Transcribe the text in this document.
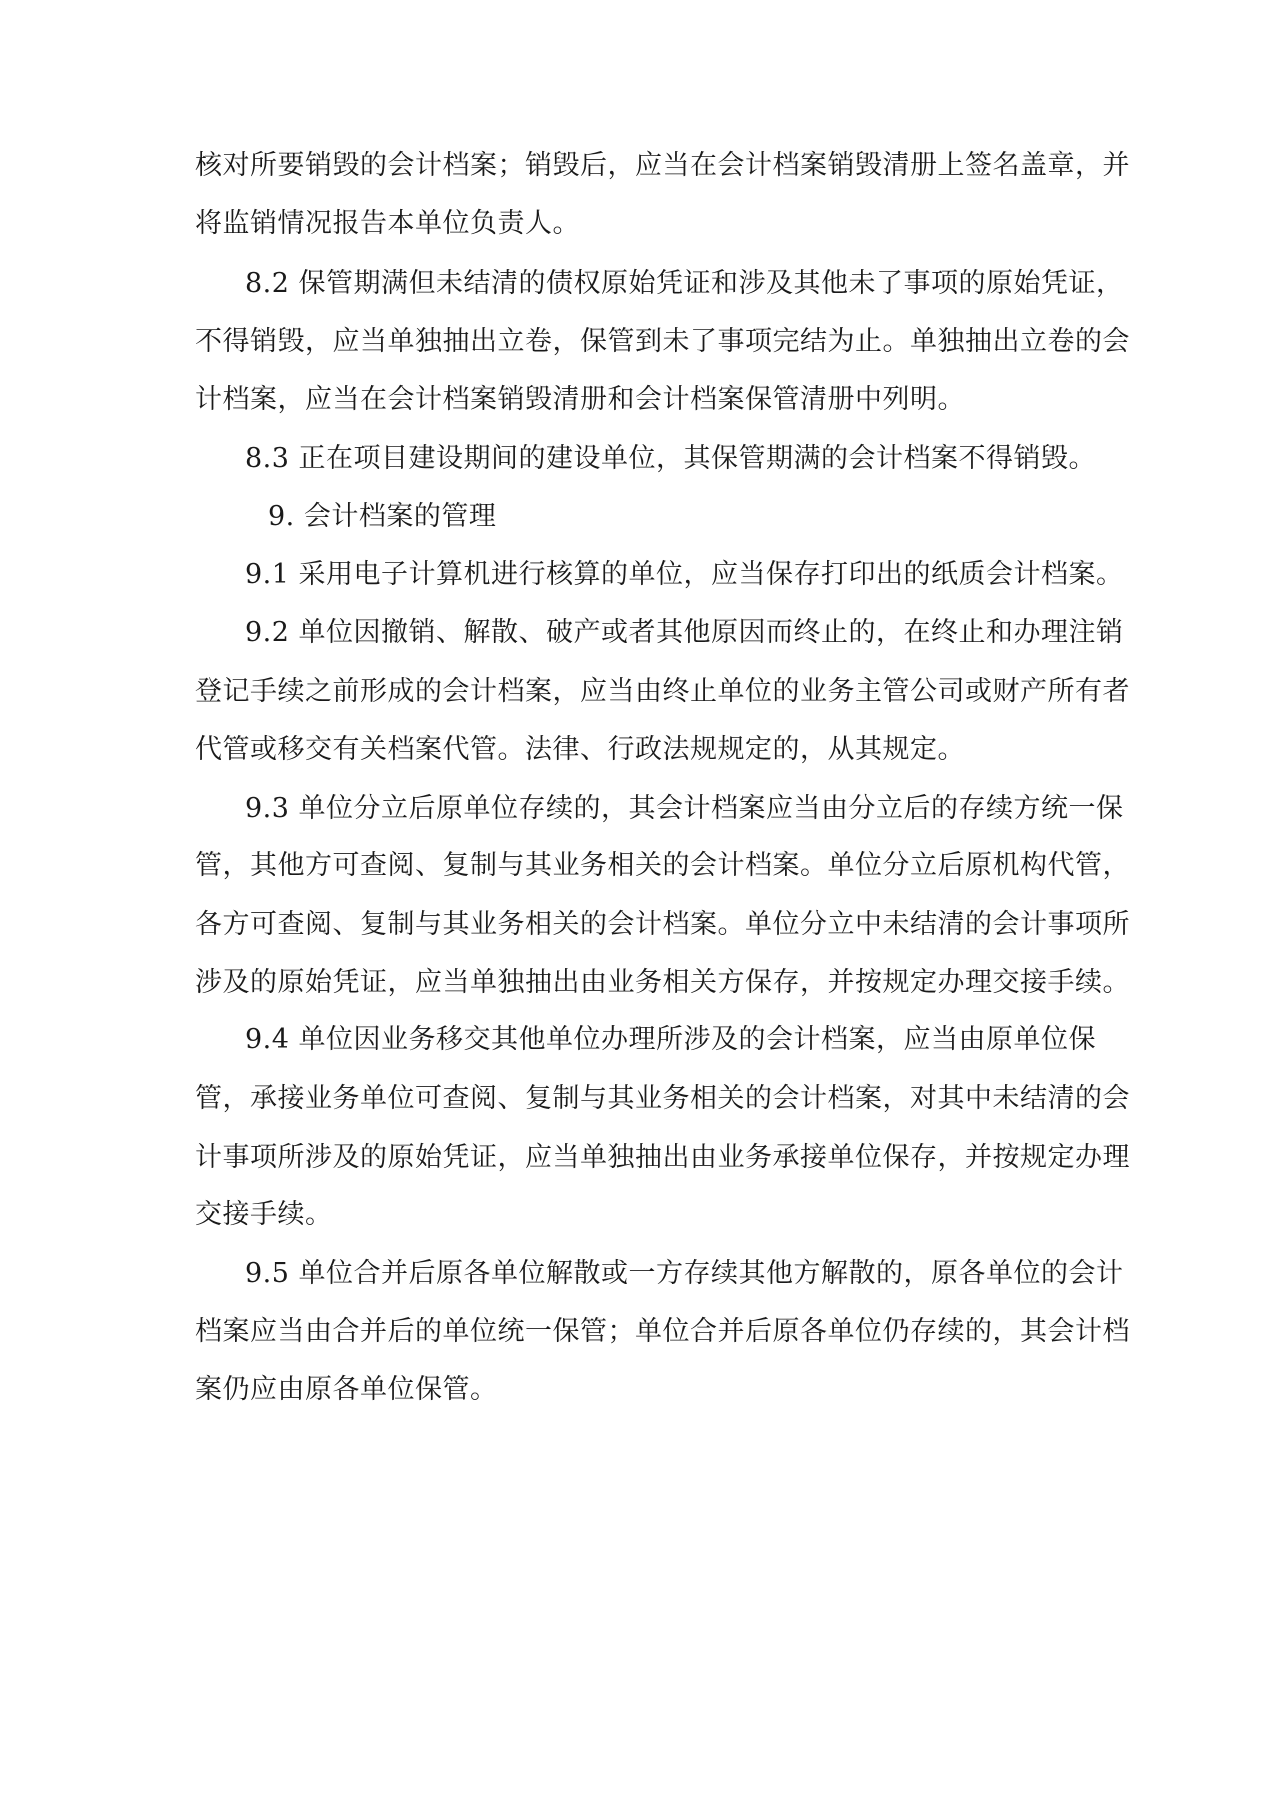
核对所要销毁的会计档案；销毁后，应当在会计档案销毁清册上签名盖章，并
将监销情况报告本单位负责人。
8.2 保管期满但未结清的债权原始凭证和涉及其他未了事项的原始凭证，
不得销毁，应当单独抽出立卷，保管到未了事项完结为止。单独抽出立卷的会
计档案，应当在会计档案销毁清册和会计档案保管清册中列明。
8.3 正在项目建设期间的建设单位，其保管期满的会计档案不得销毁。
9. 会计档案的管理
9.1 采用电子计算机进行核算的单位，应当保存打印出的纸质会计档案。
9.2 单位因撤销、解散、破产或者其他原因而终止的，在终止和办理注销
登记手续之前形成的会计档案，应当由终止单位的业务主管公司或财产所有者
代管或移交有关档案代管。法律、行政法规规定的，从其规定。
9.3 单位分立后原单位存续的，其会计档案应当由分立后的存续方统一保
管，其他方可查阅、复制与其业务相关的会计档案。单位分立后原机构代管，
各方可查阅、复制与其业务相关的会计档案。单位分立中未结清的会计事项所
涉及的原始凭证，应当单独抽出由业务相关方保存，并按规定办理交接手续。
9.4 单位因业务移交其他单位办理所涉及的会计档案，应当由原单位保
管，承接业务单位可查阅、复制与其业务相关的会计档案，对其中未结清的会
计事项所涉及的原始凭证，应当单独抽出由业务承接单位保存，并按规定办理
交接手续。
9.5 单位合并后原各单位解散或一方存续其他方解散的，原各单位的会计
档案应当由合并后的单位统一保管；单位合并后原各单位仍存续的，其会计档
案仍应由原各单位保管。
